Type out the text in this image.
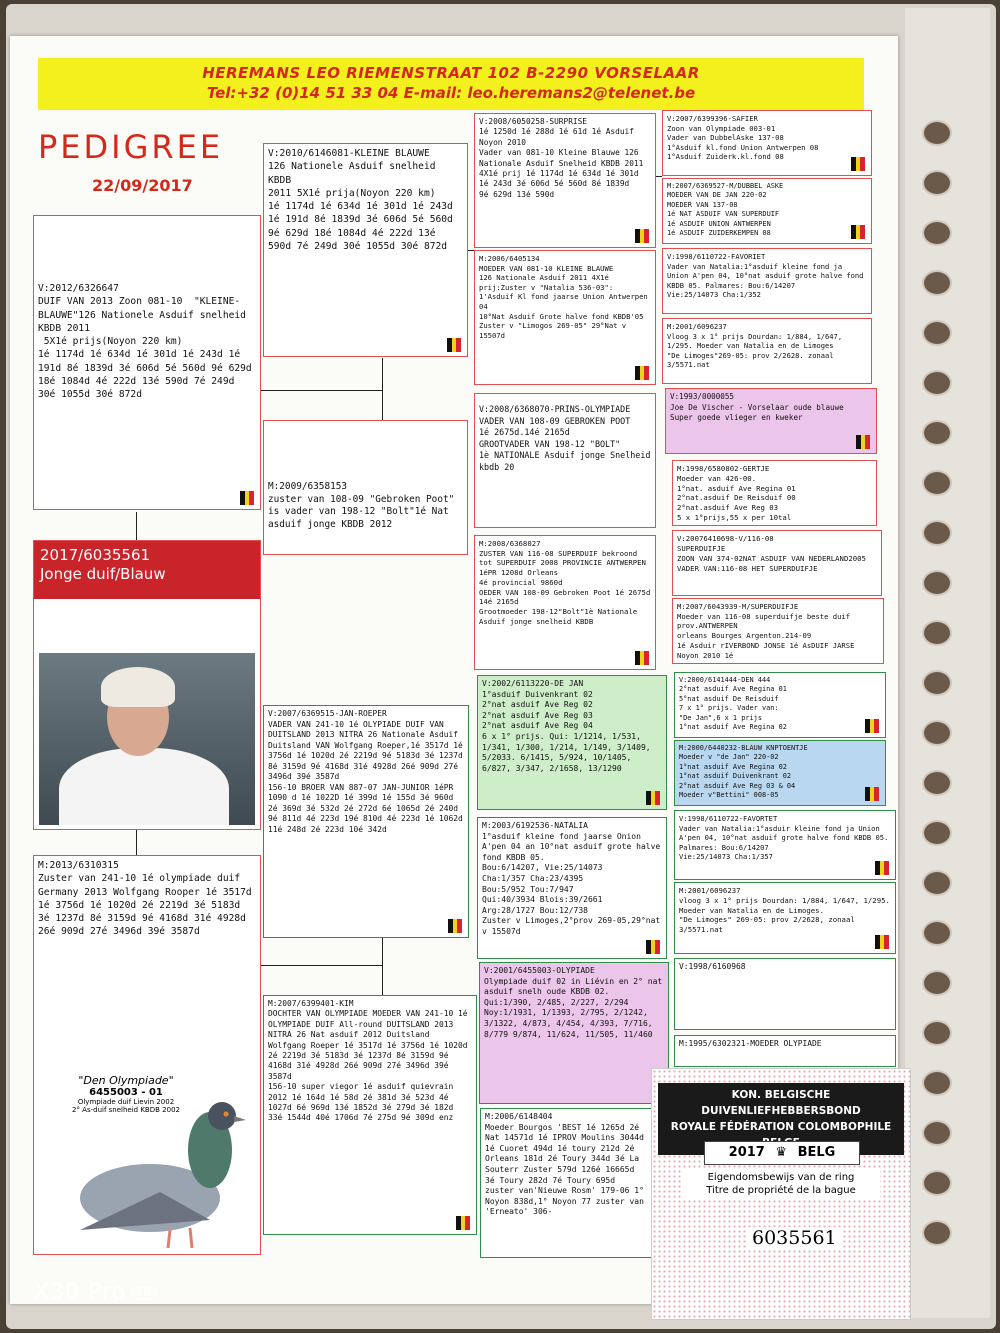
HEREMANS LEO RIEMENSTRAAT 102 B-2290 VORSELAAR
Tel:+32 (0)14 51 33 04 E-mail: leo.heremans2@telenet.be
PEDIGREE
22/09/2017
V:2012/6326647
DUIF VAN 2013 Zoon 081-10  "KLEINE-BLAUWE"126 Nationele Asduif snelheid KBDB 2011
5X1é prijs(Noyon 220 km)
1é 1174d 1é 634d 1é 301d 1é 243d 1é 191d 8é 1839d 3é 606d 5é 560d 9é 629d 18é 1084d 4é 222d 13é 590d 7é 249d 30é 1055d 30é 872d
2017/6035561
Jonge duif/Blauw
M:2013/6310315
Zuster van 241-10 1é olympiade duif Germany 2013 Wolfgang Rooper 1é 3517d 1é 3756d 1é 1020d 2é 2219d 3é 5183d 3é 1237d 8é 3159d 9é 4168d 31é 4928d 26é 909d 27é 3496d 39é 3587d
"Den Olympiade"
6455003 - 01
Olympiade duif Lievin 2002
2° As-duif snelheid KBDB 2002
V:2010/6146081-KLEINE BLAUWE
126 Nationele Asduif snelheid KBDB
2011 5X1é prija(Noyon 220 km)
1é 1174d 1é 634d 1é 301d 1é 243d 1é 191d 8é 1839d 3é 606d 5é 560d 9é 629d 18é 1084d 4é 222d 13é 590d 7é 249d 30é 1055d 30é 872d
M:2009/6358153
zuster van 108-09 "Gebroken Poot"
is vader van 198-12 "Bolt"1é Nat asduif jonge KBDB 2012
V:2007/6369515-JAN-ROEPER
VADER VAN 241-10 1é OLYPIADE DUIF VAN DUITSLAND 2013 NITRA 26 Nationale Asduif Duitsland VAN Wolfgang Roeper,1é 3517d 1é 3756d 1é 1020d 2é 2219d 9é 5183d 3é 1237d 8é 3159d 9é 4168d 31é 4928d 26é 909d 27é 3496d 39é 3587d
156-10 BROER VAN 887-07 JAN-JUNIOR 1éPR 1090 d 1é 1022D 1é 399d 1é 155d 3é 960d 2é 369d 3é 532d 2é 272d 6é 1065d 2é 240d 9é 811d 4é 223d 19é 810d 4é 223d 1é 1062d 11é 248d 2é 223d 10é 342d
M:2007/6399401-KIM
DOCHTER VAN OLYMPIADE MOEDER VAN 241-10 1é OLYMPIADE DUIF All-round DUITSLAND 2013 NITRA 26 Nat asduif 2012 Duitsland Wolfgang Roeper 1é 3517d 1é 3756d 1é 1020d 2é 2219d 3é 5183d 3é 1237d 8é 3159d 9é 4168d 31é 4928d 26é 909d 27é 3496d 39é 3587d
156-10 super viegor 1é asduif quievrain 2012 1é 164d 1é 58d 2é 381d 3é 523d 4é 1027d 6é 969d 13é 1852d 3é 279d 3é 182d 33é 1544d 40é 1706d 7é 275d 9é 309d enz
V:2008/6050258-SURPRISE
1é 1250d 1é 288d 1é 61d 1é Asduif Noyon 2010
Vader van 081-10 Kleine Blauwe 126 Nationale Asduif Snelheid KBDB 2011
4X1é prij 1é 1174d 1é 634d 1é 301d 1é 243d 3é 606d 5é 560d 8é 1839d
9é 629d 13é 590d
M:2006/6405134
MOEDER VAN 081-10 KLEINE BLAUWE
126 Nationale Asduif 2011 4X1é prij:Zuster v "Natalia 536-03":
1'Asduif Kl fond jaarse Union Antwerpen 04
10°Nat Asduif Grote halve fond KBDB'05
Zuster v "Limogos 269-05" 29°Nat v 15507d
V:2008/6368070-PRINS-OLYMPIADE
VADER VAN 108-09 GEBROKEN POOT
1é 2675d.14é 2165d
GROOTVADER VAN 198-12 "BOLT"
1è NATIONALE Asduif jonge Snelheid kbdb 20
M:2008/6368027
ZUSTER VAN 116-08 SUPERDUIF bekroond tot SUPERDUIF 2008 PROVINCIE ANTWERPEN
1éPR 1208d Orleans
4é provincial 9860d
OEDER VAN 108-09 Gebroken Poot 1é 2675d 14é 2165d
Grootmoeder 198-12"Bolt"1è Nationale Asduif jonge snelheid KBDB
V:2002/6113220-DE JAN
1°asduif Duivenkrant 02
2°nat asduif Ave Reg 02
2°nat asduif Ave Reg 03
2°nat asduif Ave Reg 04
6 x 1° prijs. Qui: 1/1214, 1/531, 1/341, 1/300, 1/214, 1/149, 3/1409, 5/2033. 6/1415, 5/924, 10/1405, 6/827, 3/347, 2/1658, 13/1290
M:2003/6192536-NATALIA
1°asduif kleine fond jaarse Onion A'pen 04 an 10°nat asduif grote halve fond KBDB 05.
Bou:6/14207, Vie:25/14073
Cha:1/357 Cha:23/4395
Bou:5/952 Tou:7/947
Qui:40/3934 Blois:39/2661
Arg:28/1727 Bou:12/738
Zuster v Limoges,2°prov 269-05,29°nat v 15507d
V:2001/6455003-OLYPIADE
Olympiade duif 02 in Liévin en 2° nat asduif snelh oude KBDB 02.
Qui:1/390, 2/485, 2/227, 2/294
Noy:1/1931, 1/1393, 2/795, 2/1242, 3/1322, 4/873, 4/454, 4/393, 7/716, 8/779 9/874, 11/624, 11/505, 11/460
M:2006/6148404
Moeder Bourgos 'BEST 1é 1265d 2é Nat 14571d 1é IPROV Moulins 3044d 1é Cuoret 494d 1é toury 212d 2é Orleans 181d 2é Toury 344d 3é La Souterr Zuster 579d 126é 16665d 3é Toury 282d 7é Toury 695d zuster van'Nieuwe Rosm' 179-06 1° Noyon 838d,1° Noyon 77 zuster van 'Erneato' 306-
V:2007/6399396-SAFIER
Zoon van Olympiade 003-01
Vader van DubbelAske 137-08
1°Asduif kl.fond Union Antwerpen 08
1°Asduif Zuiderk.kl.fond 08
M:2007/6369527-M/DUBBEL ASKE
MOEDER VAN DE JAN 220-02
MOEDER VAN 137-08
1é NAT ASDUIF VAN SUPERDUIF
1é ASDUIF UNION ANTWERPEN
1é ASDUIF ZUIDERKEMPEN 08
V:1998/6110722-FAVORIET
Vader van Natalia:1°asduif kleine fond ja Union A'pen 04, 10°nat asduif grote halve fond KBDB 05. Palmares: Bou:6/14207
Vie:25/14073 Cha:1/352
M:2001/6096237
Vloog 3 x 1° prijs Dourdan: 1/884, 1/647, 1/295. Moeder van Natalia en de Limoges
"De Limoges"269-05: prov 2/2628. zonaal 3/5571.nat
V:1993/0000055
Joe De Vischer - Vorselaar oude blauwe
Super goede vlieger en kweker
M:1998/6580802-GERTJE
Moeder van 426-00.
1°nat. asduif Ave Regina 01
2°nat.asduif De Reisduif 00
2°nat.asduif Ave Reg 03
5 x 1°prijs,55 x per 10tal
V:20076410698-V/116-08
SUPERDUIFJE
ZOON VAN 374-02NAT ASDUIF VAN NEDERLAND2005
VADER VAN:116-08 HET SUPERDUIFJE
M:2007/6043939-M/SUPERDUIFJE
Moeder van 116-08 superduifje beste duif prov.ANTWERPEN
orleans Bourges Argenton.214-09
1é Asduir rIVERBOND JONSE 1é AsDUIF JARSE Noyon 2010 1é
V:2000/6141444-DEN 444
2°nat asduif Ave Regina 01
5°nat asduif De Reisduif
7 x 1° prijs. Vader van:
"De Jan",6 x 1 prijs
1°nat asduif Ave Regina 02
M:2000/6440232-BLAUW KNPTOENTJE
Moeder v "de Jan" 220-02
1°nat asduif Ave Regina 02
1°nat asduif Duivenkrant 02
2°nat asduif Ave Reg 03 & 04
Moeder v"Bettini" 008-05
V:1998/6110722-FAVORTET
Vader van Natalia:1°asduir kleine fond ja Union A'pen 04, 10°nat asduif grote halve fond KBDB 05. Palmares: Bou:6/14207
Vie:25/14073 Cha:1/357
M:2001/6096237
vloog 3 x 1° prijs Dourdan: 1/884, 1/647, 1/295. Moeder van Natalia en de Limoges.
"De Limoges" 269-05: prov 2/2628, zonaal 3/5571.nat
V:1998/6160968
M:1995/6302321-MOEDER OLYPIADE
KON. BELGISCHE DUIVENLIEFHEBBERSBOND
ROYALE FÉDÉRATION COLOMBOPHILE
2017 ♛ BELG
Eigendomsbewijs van de ring
Titre de propriété de la bague
6035561
X30 Pro 5G
